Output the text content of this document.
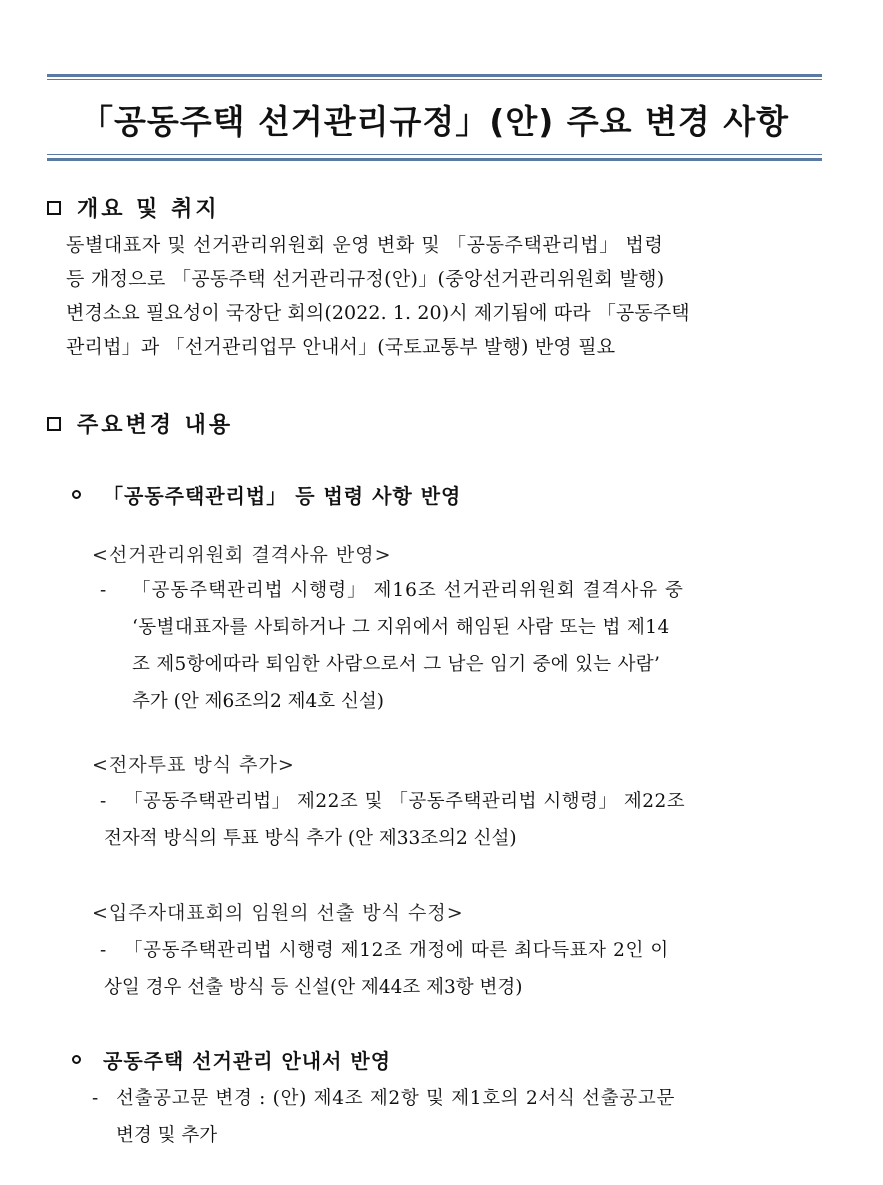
「공동주택 선거관리규정」(안) 주요 변경 사항
개요 및 취지
동별대표자 및 선거관리위원회 운영 변화 및 「공동주택관리법」 법령
등 개정으로 「공동주택 선거관리규정(안)」(중앙선거관리위원회 발행)
변경소요 필요성이 국장단 회의(2022. 1. 20)시 제기됨에 따라 「공동주택
관리법」과 「선거관리업무 안내서」(국토교통부 발행) 반영 필요
주요변경 내용
「공동주택관리법」 등 법령 사항 반영
<선거관리위원회 결격사유 반영>
- 「공동주택관리법 시행령」 제16조 선거관리위원회 결격사유 중
‘동별대표자를 사퇴하거나 그 지위에서 해임된 사람 또는 법 제14
조 제5항에따라 퇴임한 사람으로서 그 남은 임기 중에 있는 사람’
추가 (안 제6조의2 제4호 신설)
<전자투표 방식 추가>
- 「공동주택관리법」 제22조 및 「공동주택관리법 시행령」 제22조
전자적 방식의 투표 방식 추가 (안 제33조의2 신설)
<입주자대표회의 임원의 선출 방식 수정>
- 「공동주택관리법 시행령 제12조 개정에 따른 최다득표자 2인 이
상일 경우 선출 방식 등 신설(안 제44조 제3항 변경)
공동주택 선거관리 안내서 반영
- 선출공고문 변경 : (안) 제4조 제2항 및 제1호의 2서식 선출공고문
변경 및 추가
